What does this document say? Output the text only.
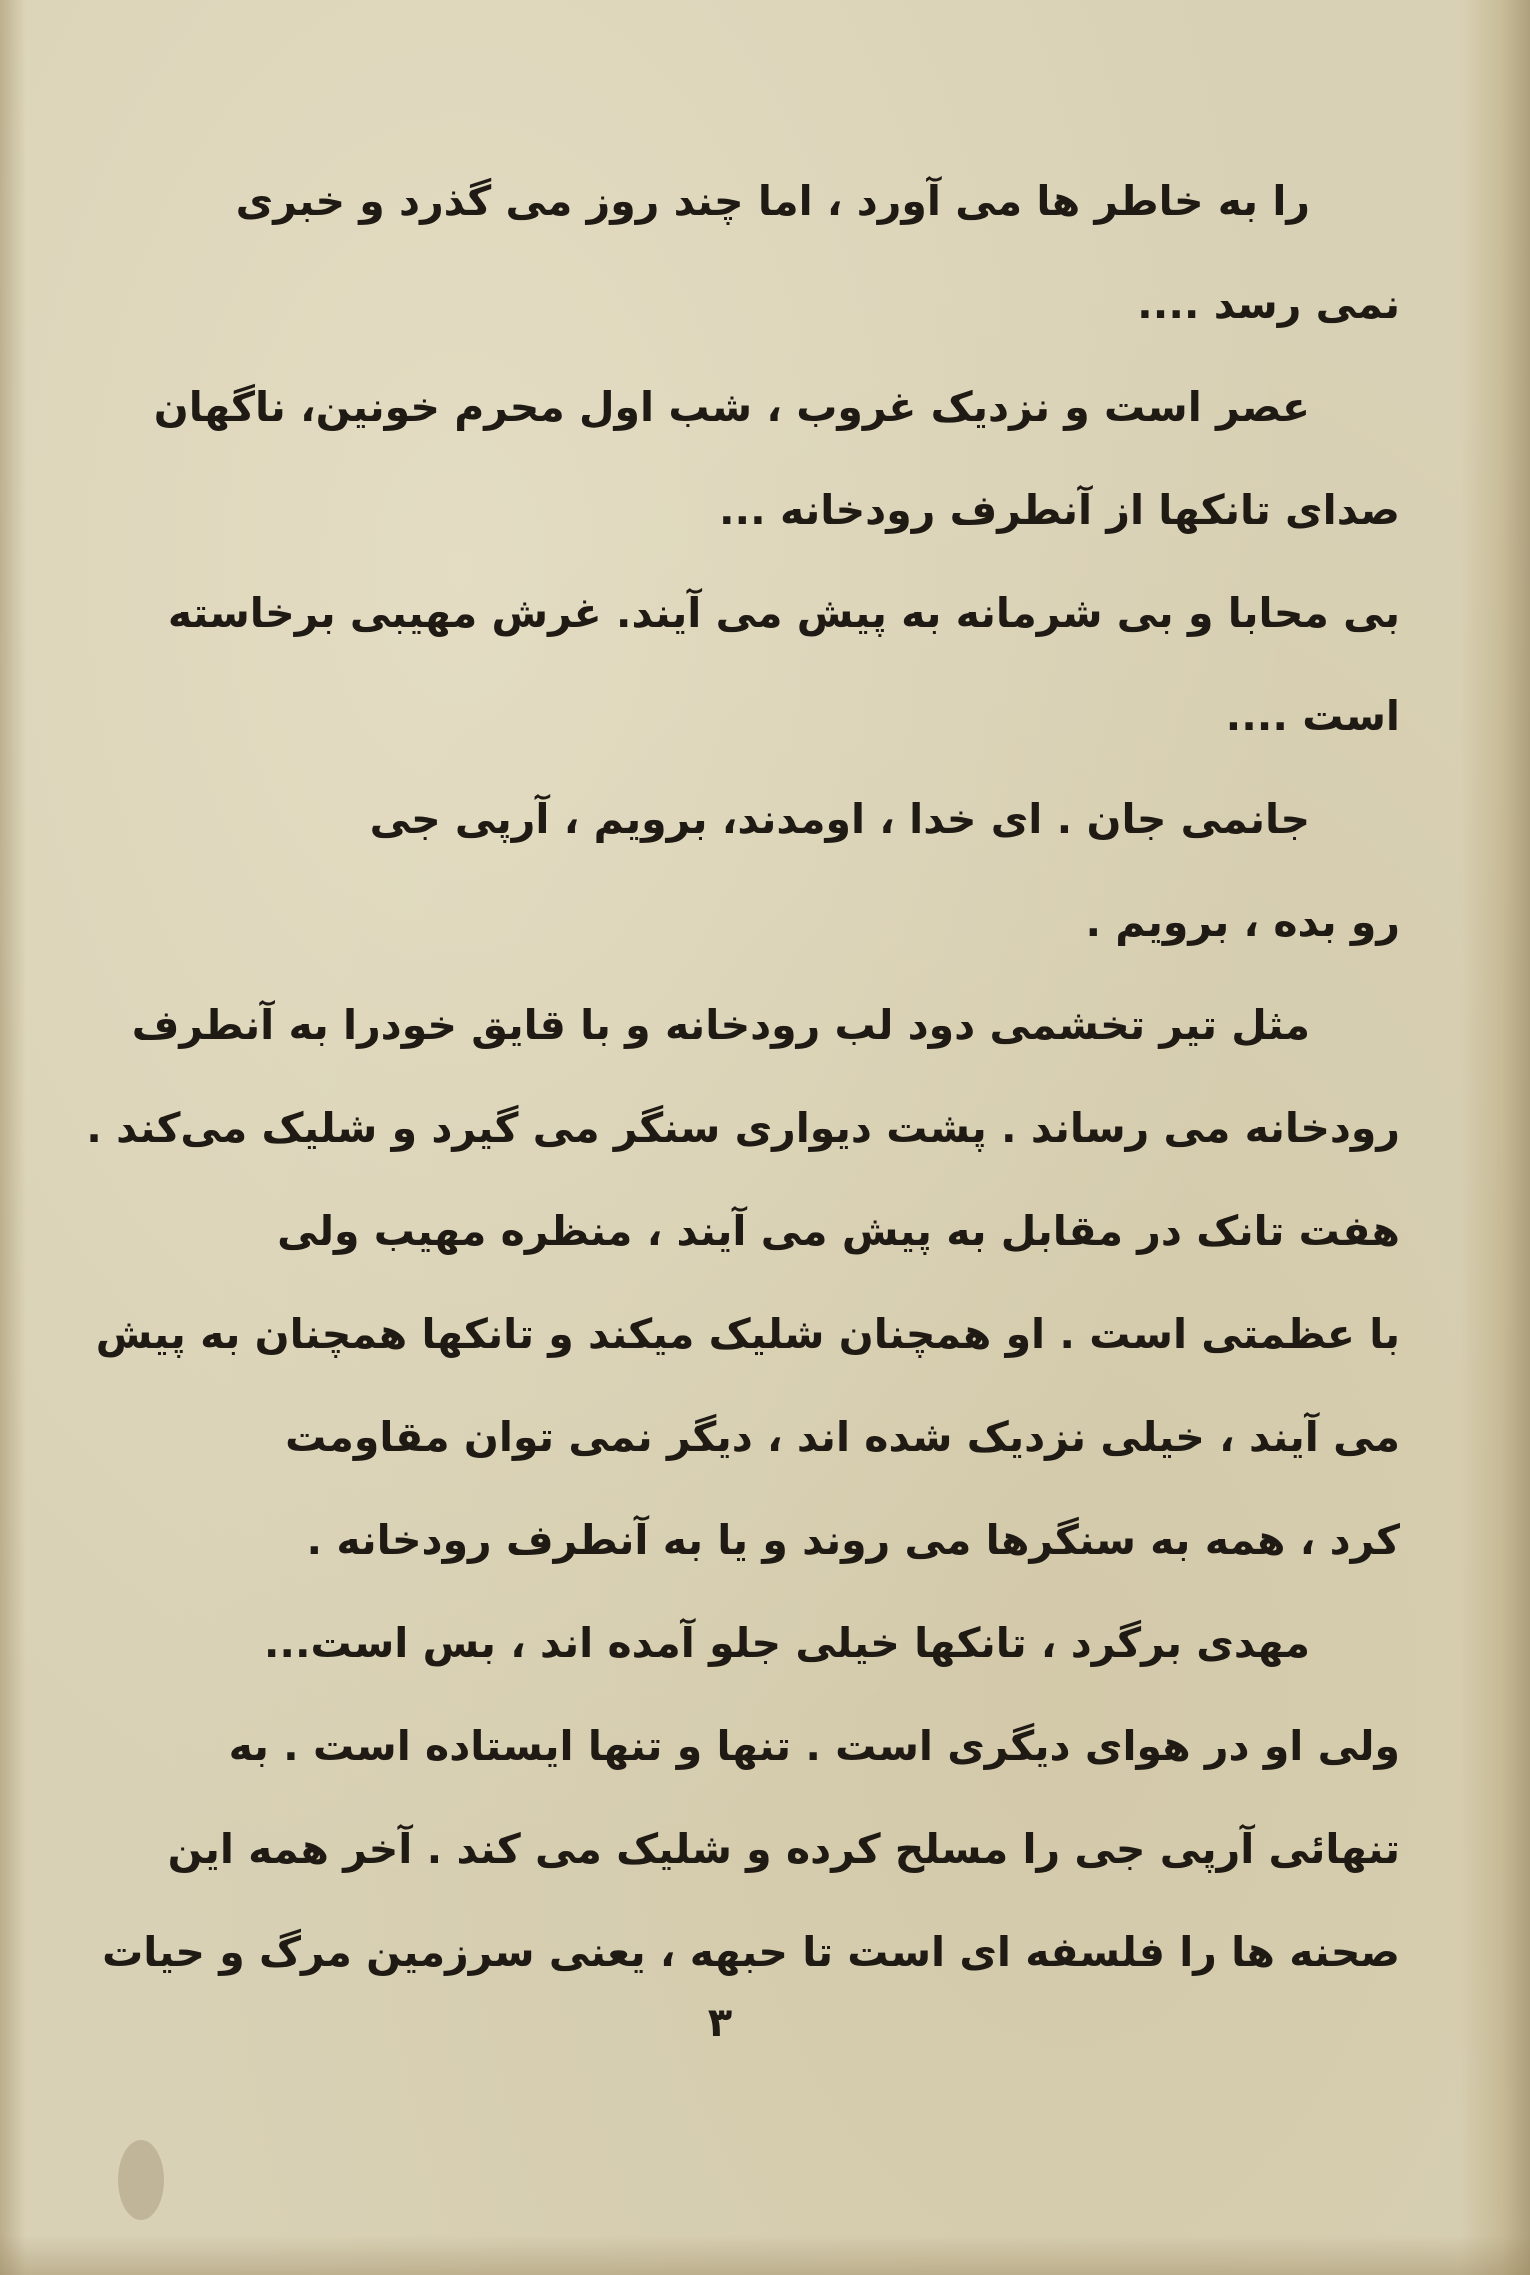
را به خاطر ها می آورد ، اما چند روز می گذرد و خبری
نمی رسد ....
عصر است و نزدیک غروب ، شب اول محرم خونین، ناگهان
صدای تانکها از آنطرف رودخانه ...
بی محابا و بی شرمانه به پیش می آیند. غرش مهیبی برخاسته
است ....
جانمی جان . ای خدا ، اومدند، برویم ، آرپی جی
رو بده ، برویم .
مثل تیر تخشمی دود لب رودخانه و با قایق خودرا به آنطرف
رودخانه می رساند . پشت دیواری سنگر می گیرد و شلیک می‌کند .
هفت تانک در مقابل به پیش می آیند ، منظره مهیب ولی
با عظمتی است . او همچنان شلیک میکند و تانکها همچنان به پیش
می آیند ، خیلی نزدیک شده اند ، دیگر نمی توان مقاومت
کرد ، همه به سنگرها می روند و یا به آنطرف رودخانه .
مهدی برگرد ، تانکها خیلی جلو آمده اند ، بس است...
ولی او در هوای دیگری است . تنها و تنها ایستاده است . به
تنهائی آرپی جی را مسلح کرده و شلیک می کند . آخر همه این
صحنه ها را فلسفه ای است تا حبهه ، یعنی سرزمین مرگ و حیات
۳
